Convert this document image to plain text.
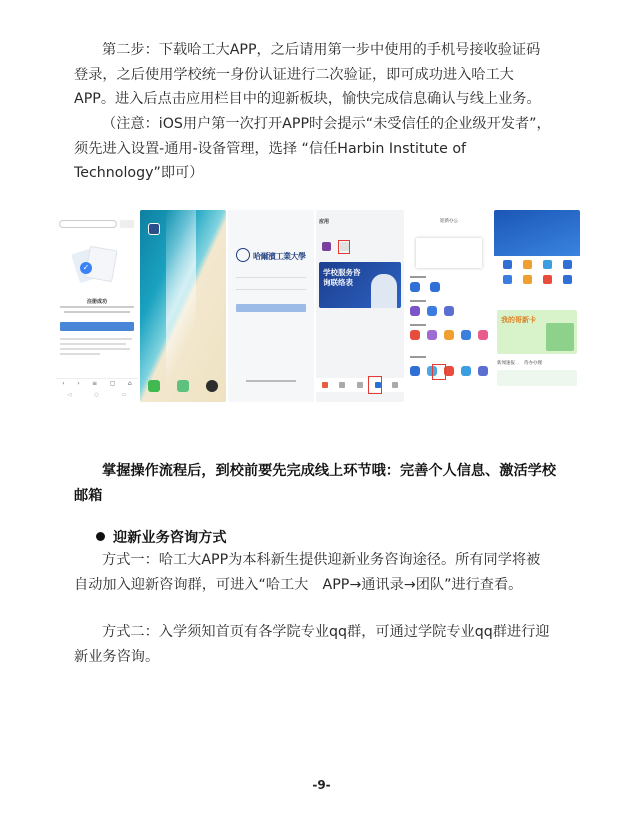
第二步：下载哈工大APP，之后请用第一步中使用的手机号接收验证码登录，之后使用学校统一身份认证进行二次验证，即可成功进入哈工大APP。进入后点击应用栏目中的迎新板块，愉快完成信息确认与线上业务。

（注意：iOS用户第一次打开APP时会提示“未受信任的企业级开发者”，须先进入设置-通用-设备管理，选择 “信任Harbin Institute of Technology”即可）

✓
注册成功
‹ › ≡ ▢ ⌂
◁	○	▭
哈爾濱工業大學
应用
学校服务咨询联络表
迎新办公
我的哥新卡
新闻速报　　待办办理

掌握操作流程后，到校前要先完成线上环节哦：完善个人信息、激活学校邮箱

迎新业务咨询方式

方式一：哈工大APP为本科新生提供迎新业务咨询途径。所有同学将被自动加入迎新咨询群，可进入“哈工大　APP→通讯录→团队”进行查看。

方式二：入学须知首页有各学院专业qq群，可通过学院专业qq群进行迎新业务咨询。

-9-
